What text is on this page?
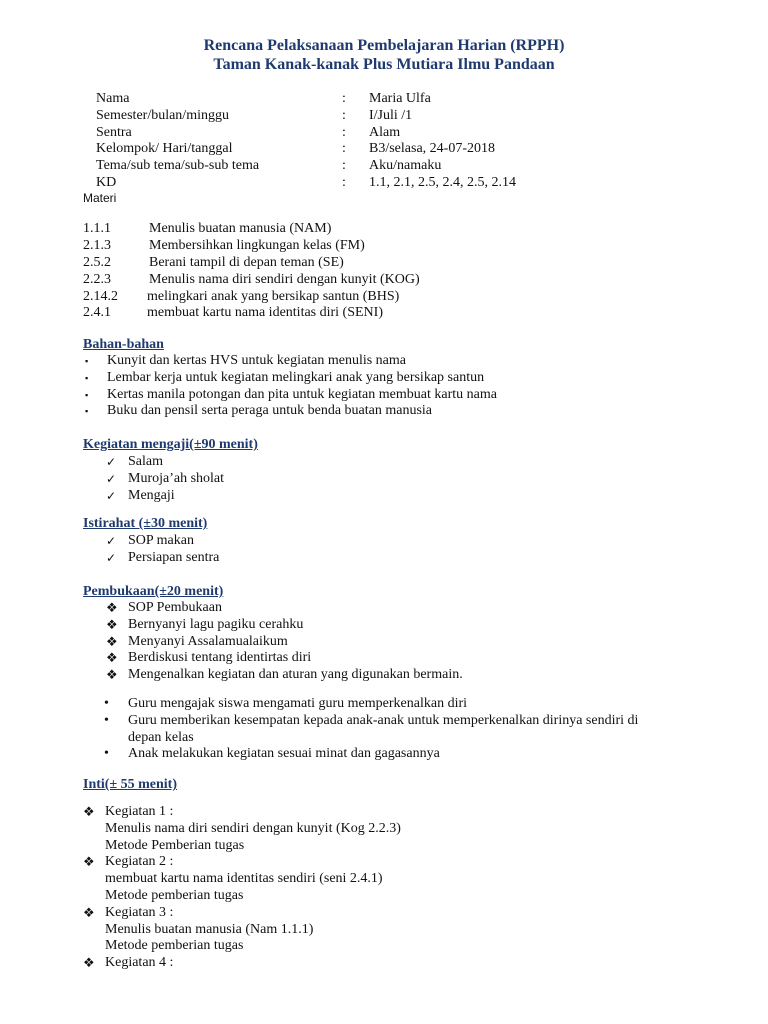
Rencana Pelaksanaan Pembelajaran Harian (RPPH)
Taman Kanak-kanak Plus Mutiara Ilmu Pandaan
Nama	: Maria Ulfa
Semester/bulan/minggu	: I/Juli /1
Sentra	: Alam
Kelompok/ Hari/tanggal	: B3/selasa, 24-07-2018
Tema/sub tema/sub-sub tema	: Aku/namaku
KD	: 1.1, 2.1, 2.5, 2.4, 2.5, 2.14
Materi
1.1.1	Menulis buatan manusia (NAM)
2.1.3	Membersihkan lingkungan kelas (FM)
2.5.2	Berani tampil di depan teman (SE)
2.2.3	Menulis nama diri sendiri dengan kunyit (KOG)
2.14.2 melingkari anak yang bersikap santun (BHS)
2.4.1	membuat kartu nama identitas diri (SENI)
Bahan-bahan
▪ Kunyit dan kertas HVS untuk kegiatan menulis nama
▪ Lembar kerja untuk kegiatan melingkari anak yang bersikap santun
▪ Kertas manila potongan dan pita untuk kegiatan membuat kartu nama
▪ Buku dan pensil serta peraga untuk benda buatan manusia
Kegiatan mengaji(±90 menit)
✓ Salam
✓ Muroja’ah sholat
✓ Mengaji
Istirahat (±30 menit)
✓ SOP makan
✓ Persiapan sentra
Pembukaan(±20 menit)
❖ SOP Pembukaan
❖ Bernyanyi lagu pagiku cerahku
❖ Menyanyi Assalamualaikum
❖ Berdiskusi tentang identirtas diri
❖ Mengenalkan kegiatan dan aturan yang digunakan bermain.
• Guru mengajak siswa mengamati guru memperkenalkan diri
• Guru memberikan kesempatan kepada anak-anak untuk memperkenalkan dirinya sendiri di
depan kelas
• Anak melakukan kegiatan sesuai minat dan gagasannya
Inti(± 55 menit)
❖ Kegiatan 1 :
Menulis nama diri sendiri dengan kunyit (Kog 2.2.3)
Metode Pemberian tugas
❖ Kegiatan 2 :
membuat kartu nama identitas sendiri (seni 2.4.1)
Metode pemberian tugas
❖ Kegiatan 3 :
Menulis buatan manusia (Nam 1.1.1)
Metode pemberian tugas
❖ Kegiatan 4 :
